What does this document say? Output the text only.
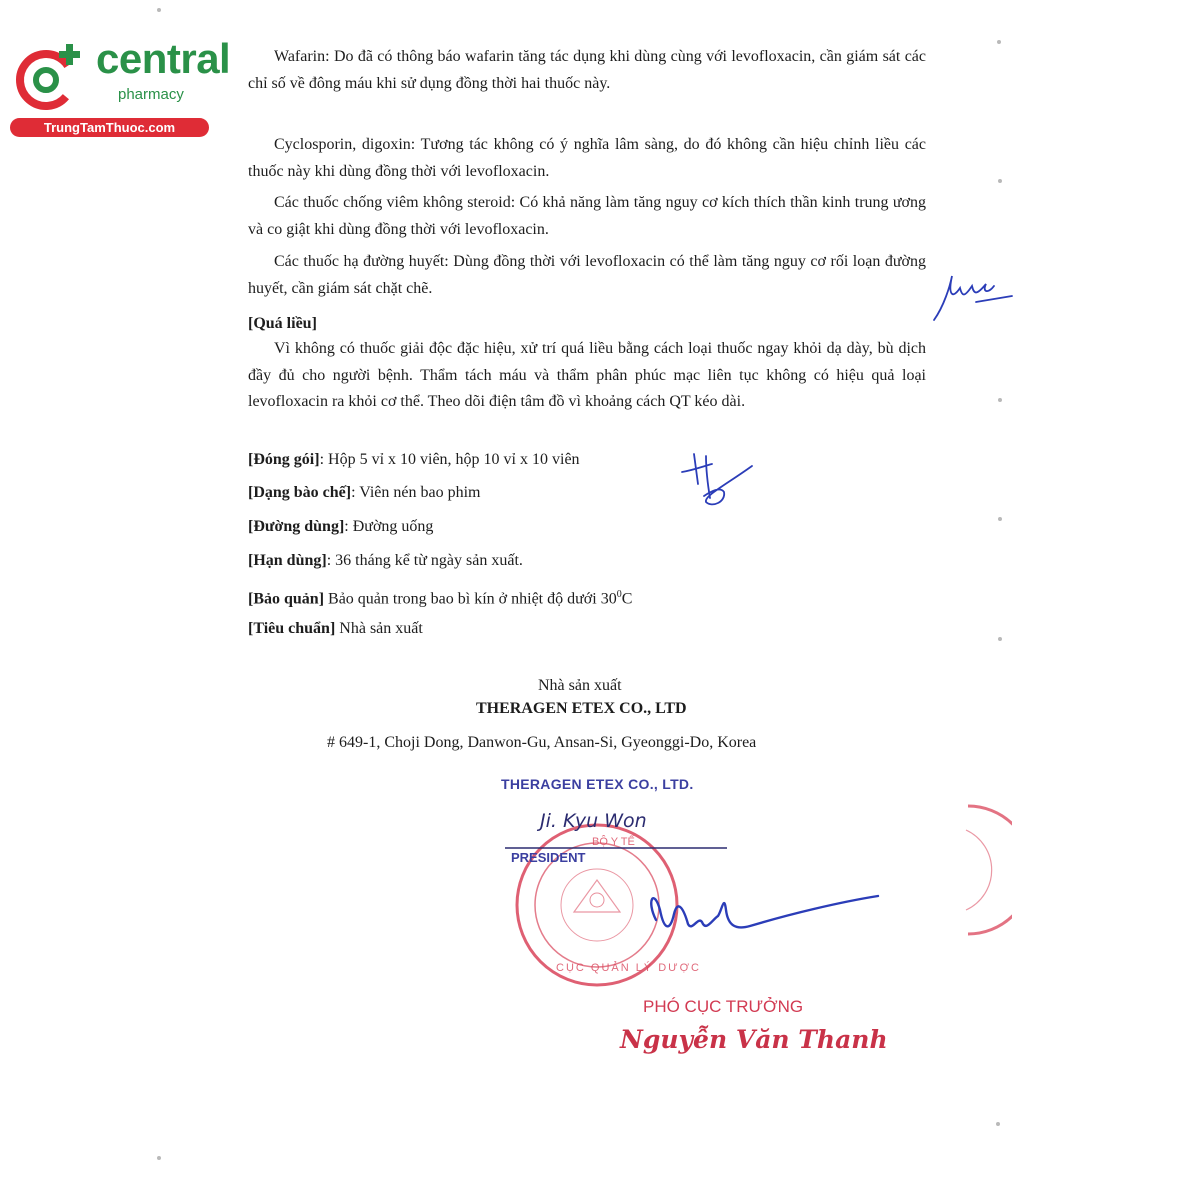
central
pharmacy
TrungTamThuoc.com

Wafarin: Do đã có thông báo wafarin tăng tác dụng khi dùng cùng với levofloxacin, cần giám sát các chỉ số về đông máu khi sử dụng đồng thời hai thuốc này.

Cyclosporin, digoxin: Tương tác không có ý nghĩa lâm sàng, do đó không cần hiệu chỉnh liều các thuốc này khi dùng đồng thời với levofloxacin.

Các thuốc chống viêm không steroid: Có khả năng làm tăng nguy cơ kích thích thần kinh trung ương và co giật khi dùng đồng thời với levofloxacin.

Các thuốc hạ đường huyết: Dùng đồng thời với levofloxacin có thể làm tăng nguy cơ rối loạn đường huyết, cần giám sát chặt chẽ.

[Quá liều]

Vì không có thuốc giải độc đặc hiệu, xử trí quá liều bằng cách loại thuốc ngay khỏi dạ dày, bù dịch đầy đủ cho người bệnh. Thẩm tách máu và thẩm phân phúc mạc liên tục không có hiệu quả loại levofloxacin ra khỏi cơ thể. Theo dõi điện tâm đồ vì khoảng cách QT kéo dài.

[Đóng gói]: Hộp 5 vỉ x 10 viên, hộp 10 vỉ x 10 viên

[Dạng bào chế]: Viên nén bao phim

[Đường dùng]: Đường uống

[Hạn dùng]: 36 tháng kể từ ngày sản xuất.

[Bảo quản] Bảo quản trong bao bì kín ở nhiệt độ dưới $30^0C$

[Tiêu chuẩn] Nhà sản xuất

Nhà sản xuất

THERAGEN ETEX CO., LTD

# 649-1, Choji Dong, Danwon-Gu, Ansan-Si, Gyeonggi-Do, Korea

BỘ Y TẾ
CỤC QUẢN LÝ DƯỢC
THERAGEN ETEX CO., LTD.
Ji. Kyu Won
PRESIDENT
PHÓ CỤC TRƯỞNG
Nguyễn Văn Thanh
